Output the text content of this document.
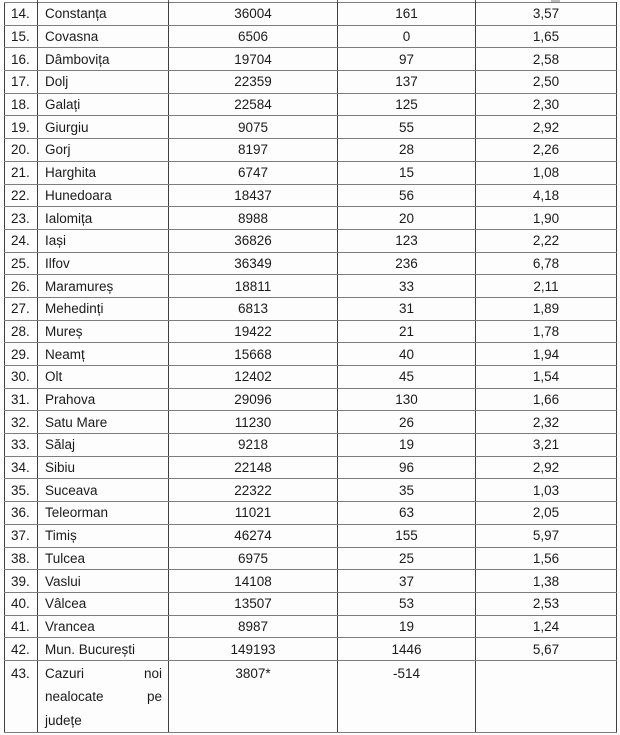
14.	Constanța	36004	161	3,57
15.	Covasna	6506	0	1,65
16.	Dâmbovița	19704	97	2,58
17.	Dolj	22359	137	2,50
18.	Galați	22584	125	2,30
19.	Giurgiu	9075	55	2,92
20.	Gorj	8197	28	2,26
21.	Harghita	6747	15	1,08
22.	Hunedoara	18437	56	4,18
23.	Ialomița	8988	20	1,90
24.	Iași	36826	123	2,22
25.	Ilfov	36349	236	6,78
26.	Maramureș	18811	33	2,11
27.	Mehedinți	6813	31	1,89
28.	Mureș	19422	21	1,78
29.	Neamț	15668	40	1,94
30.	Olt	12402	45	1,54
31.	Prahova	29096	130	1,66
32.	Satu Mare	11230	26	2,32
33.	Sălaj	9218	19	3,21
34.	Sibiu	22148	96	2,92
35.	Suceava	22322	35	1,03
36.	Teleorman	11021	63	2,05
37.	Timiș	46274	155	5,97
38.	Tulcea	6975	25	1,56
39.	Vaslui	14108	37	1,38
40.	Vâlcea	13507	53	2,53
41.	Vrancea	8987	19	1,24
42.	Mun. București	149193	1446	5,67
43.	Cazuri noi nealocate pe județe	3807*	-514	
